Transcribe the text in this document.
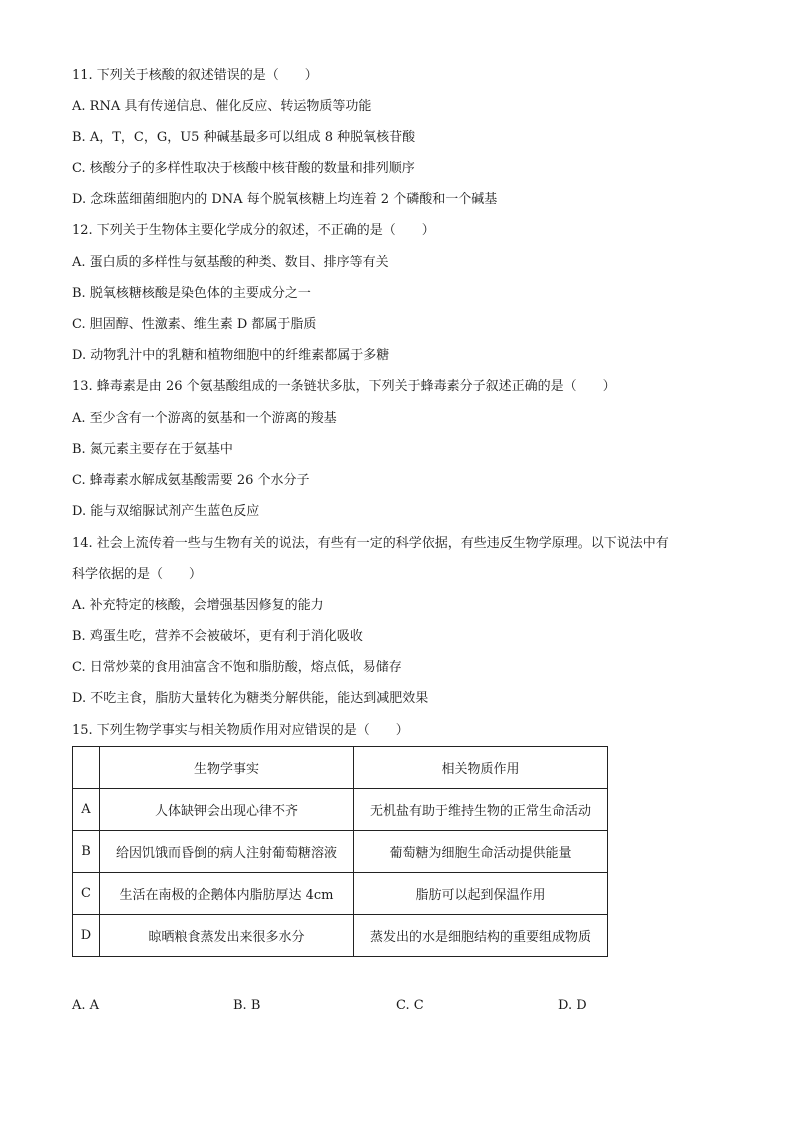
11. 下列关于核酸的叙述错误的是（　　）
A. RNA 具有传递信息、催化反应、转运物质等功能
B. A，T，C，G，U5 种碱基最多可以组成 8 种脱氧核苷酸
C. 核酸分子的多样性取决于核酸中核苷酸的数量和排列顺序
D. 念珠蓝细菌细胞内的 DNA 每个脱氧核糖上均连着 2 个磷酸和一个碱基
12. 下列关于生物体主要化学成分的叙述，不正确的是（　　）
A. 蛋白质的多样性与氨基酸的种类、数目、排序等有关
B. 脱氧核糖核酸是染色体的主要成分之一
C. 胆固醇、性激素、维生素 D 都属于脂质
D. 动物乳汁中的乳糖和植物细胞中的纤维素都属于多糖
13. 蜂毒素是由 26 个氨基酸组成的一条链状多肽，下列关于蜂毒素分子叙述正确的是（　　）
A. 至少含有一个游离的氨基和一个游离的羧基
B. 氮元素主要存在于氨基中
C. 蜂毒素水解成氨基酸需要 26 个水分子
D. 能与双缩脲试剂产生蓝色反应
14. 社会上流传着一些与生物有关的说法，有些有一定的科学依据，有些违反生物学原理。以下说法中有
科学依据的是（　　）
A. 补充特定的核酸，会增强基因修复的能力
B. 鸡蛋生吃，营养不会被破坏，更有利于消化吸收
C. 日常炒菜的食用油富含不饱和脂肪酸，熔点低，易储存
D. 不吃主食，脂肪大量转化为糖类分解供能，能达到减肥效果
15. 下列生物学事实与相关物质作用对应错误的是（　　）
	生物学事实	相关物质作用
A	人体缺钾会出现心律不齐	无机盐有助于维持生物的正常生命活动
B	给因饥饿而昏倒的病人注射葡萄糖溶液	葡萄糖为细胞生命活动提供能量
C	生活在南极的企鹅体内脂肪厚达 4cm	脂肪可以起到保温作用
D	晾晒粮食蒸发出来很多水分	蒸发出的水是细胞结构的重要组成物质
A. A	B. B	C. C	D. D
